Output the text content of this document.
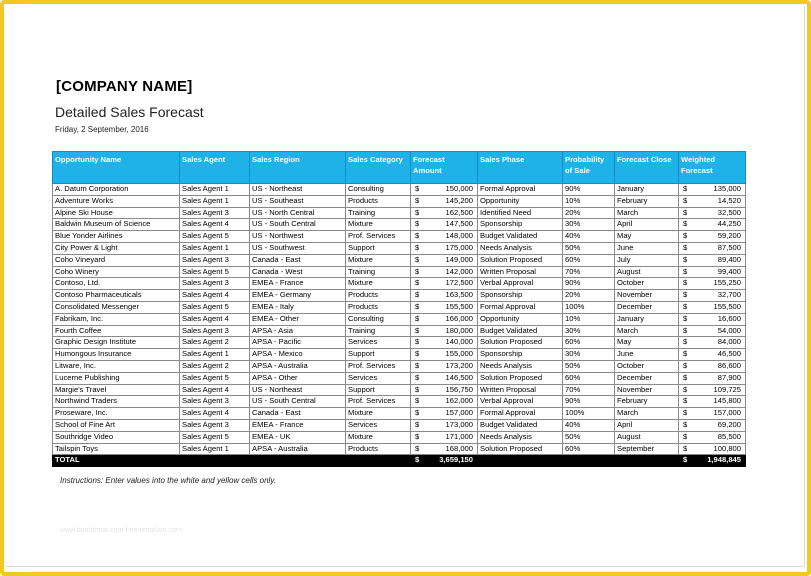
[COMPANY NAME]
Detailed Sales Forecast
Friday, 2 September, 2016
Opportunity Name	Sales Agent	Sales Region	Sales Category	Forecast Amount	Sales Phase	Probability of Sale	Forecast Close	Weighted Forecast
A. Datum Corporation	Sales Agent 1	US - Northeast	Consulting	$ 150,000	Formal Approval	90%	January	$ 135,000

Adventure Works	Sales Agent 1	US - Southeast	Products	$ 145,200	Opportunity	10%	February	$ 14,520

Alpine Ski House	Sales Agent 3	US - North Central	Training	$ 162,500	Identified Need	20%	March	$ 32,500

Baldwin Museum of Science	Sales Agent 4	US - South Central	Mixture	$ 147,500	Sponsorship	30%	April	$ 44,250

Blue Yonder Airlines	Sales Agent 5	US - Northwest	Prof. Services	$ 148,000	Budget Validated	40%	May	$ 59,200

City Power & Light	Sales Agent 1	US - Southwest	Support	$ 175,000	Needs Analysis	50%	June	$ 87,500

Coho Vineyard	Sales Agent 3	Canada - East	Mixture	$ 149,000	Solution Proposed	60%	July	$ 89,400

Coho Winery	Sales Agent 5	Canada - West	Training	$ 142,000	Written Proposal	70%	August	$ 99,400

Contoso, Ltd.	Sales Agent 3	EMEA - France	Mixture	$ 172,500	Verbal Approval	90%	October	$ 155,250

Contoso Pharmaceuticals	Sales Agent 4	EMEA - Germany	Products	$ 163,500	Sponsorship	20%	November	$ 32,700

Consolidated Messenger	Sales Agent 5	EMEA - Italy	Products	$ 155,500	Formal Approval	100%	December	$ 155,500

Fabrikam, Inc.	Sales Agent 4	EMEA - Other	Consulting	$ 166,000	Opportunity	10%	January	$ 16,600

Fourth Coffee	Sales Agent 3	APSA - Asia	Training	$ 180,000	Budget Validated	30%	March	$ 54,000

Graphic Design Institute	Sales Agent 2	APSA - Pacific	Services	$ 140,000	Solution Proposed	60%	May	$ 84,000

Humongous Insurance	Sales Agent 1	APSA - Mexico	Support	$ 155,000	Sponsorship	30%	June	$ 46,500

Litware, Inc.	Sales Agent 2	APSA - Australia	Prof. Services	$ 173,200	Needs Analysis	50%	October	$ 86,600

Lucerne Publishing	Sales Agent 5	APSA - Other	Services	$ 146,500	Solution Proposed	60%	December	$ 87,900

Margie's Travel	Sales Agent 4	US - Northeast	Support	$ 156,750	Written Proposal	70%	November	$ 109,725

Northwind Traders	Sales Agent 3	US - South Central	Prof. Services	$ 162,000	Verbal Approval	90%	February	$ 145,800

Proseware, Inc.	Sales Agent 4	Canada - East	Mixture	$ 157,000	Formal Approval	100%	March	$ 157,000

School of Fine Art	Sales Agent 3	EMEA - France	Services	$ 173,000	Budget Validated	40%	April	$ 69,200

Southridge Video	Sales Agent 5	EMEA - UK	Mixture	$ 171,000	Needs Analysis	50%	August	$ 85,500

Tailspin Toys	Sales Agent 1	APSA - Australia	Products	$ 168,000	Solution Proposed	60%	September	$ 100,800

TOTAL				$ 3,659,150				$ 1,948,845
Instructions: Enter values into the white and yellow cells only.
www.bpaformat.com free-template.com
